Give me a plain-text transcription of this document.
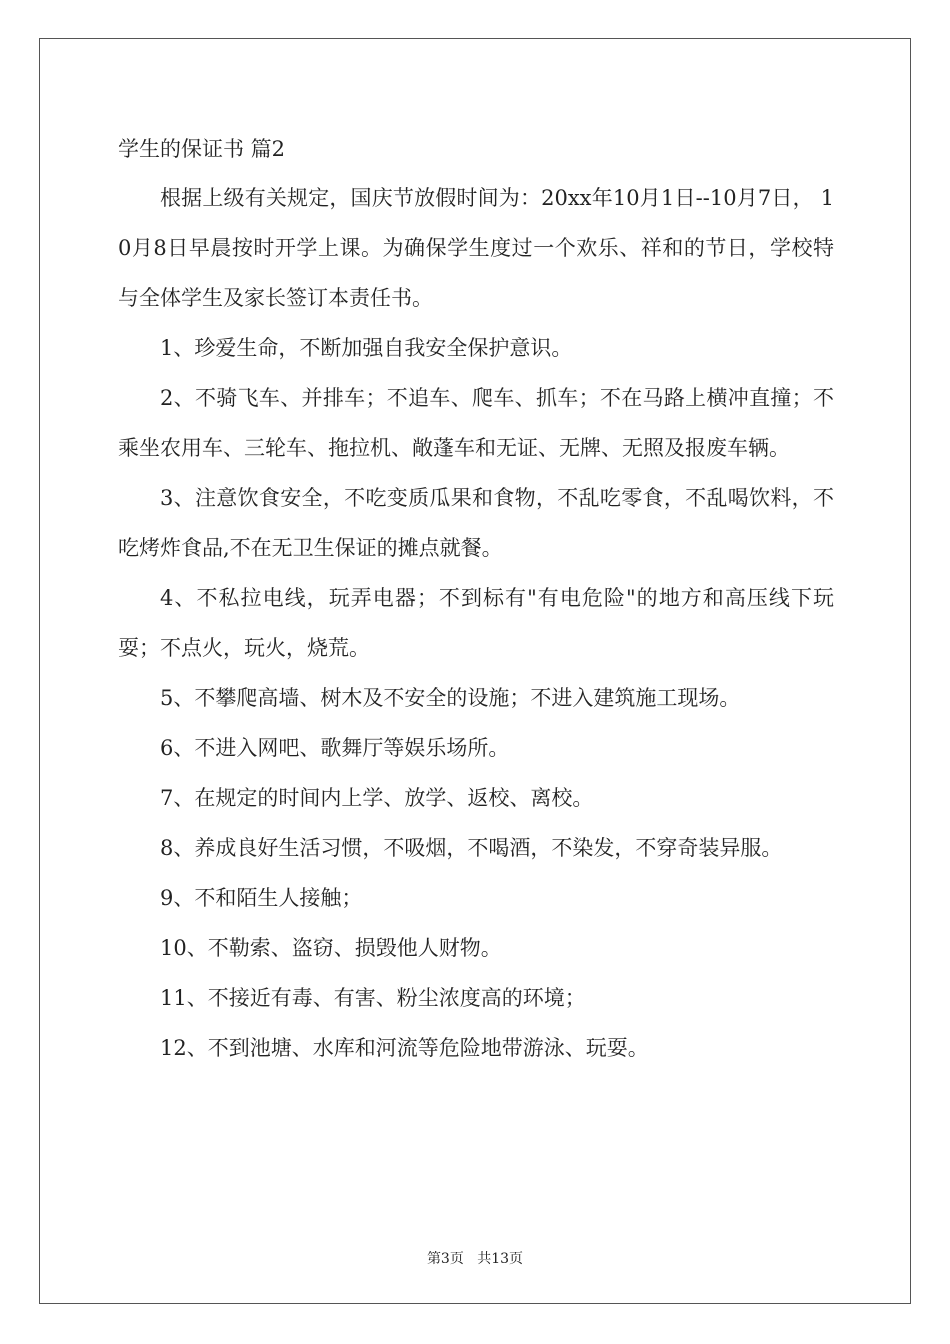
学生的保证书 篇2

根据上级有关规定，国庆节放假时间为：20xx年10月1日--10月7日， 10月8日早晨按时开学上课。为确保学生度过一个欢乐、祥和的节日，学校特与全体学生及家长签订本责任书。

1、珍爱生命，不断加强自我安全保护意识。

2、不骑飞车、并排车；不追车、爬车、抓车；不在马路上横冲直撞；不乘坐农用车、三轮车、拖拉机、敞蓬车和无证、无牌、无照及报废车辆。

3、注意饮食安全，不吃变质瓜果和食物，不乱吃零食，不乱喝饮料，不吃烤炸食品,不在无卫生保证的摊点就餐。

4、不私拉电线，玩弄电器；不到标有"有电危险"的地方和高压线下玩耍；不点火，玩火，烧荒。

5、不攀爬高墙、树木及不安全的设施；不进入建筑施工现场。

6、不进入网吧、歌舞厅等娱乐场所。

7、在规定的时间内上学、放学、返校、离校。

8、养成良好生活习惯，不吸烟，不喝酒，不染发，不穿奇装异服。

9、不和陌生人接触；

10、不勒索、盗窃、损毁他人财物。

11、不接近有毒、有害、粉尘浓度高的环境；

12、不到池塘、水库和河流等危险地带游泳、玩耍。

第3页 共13页
